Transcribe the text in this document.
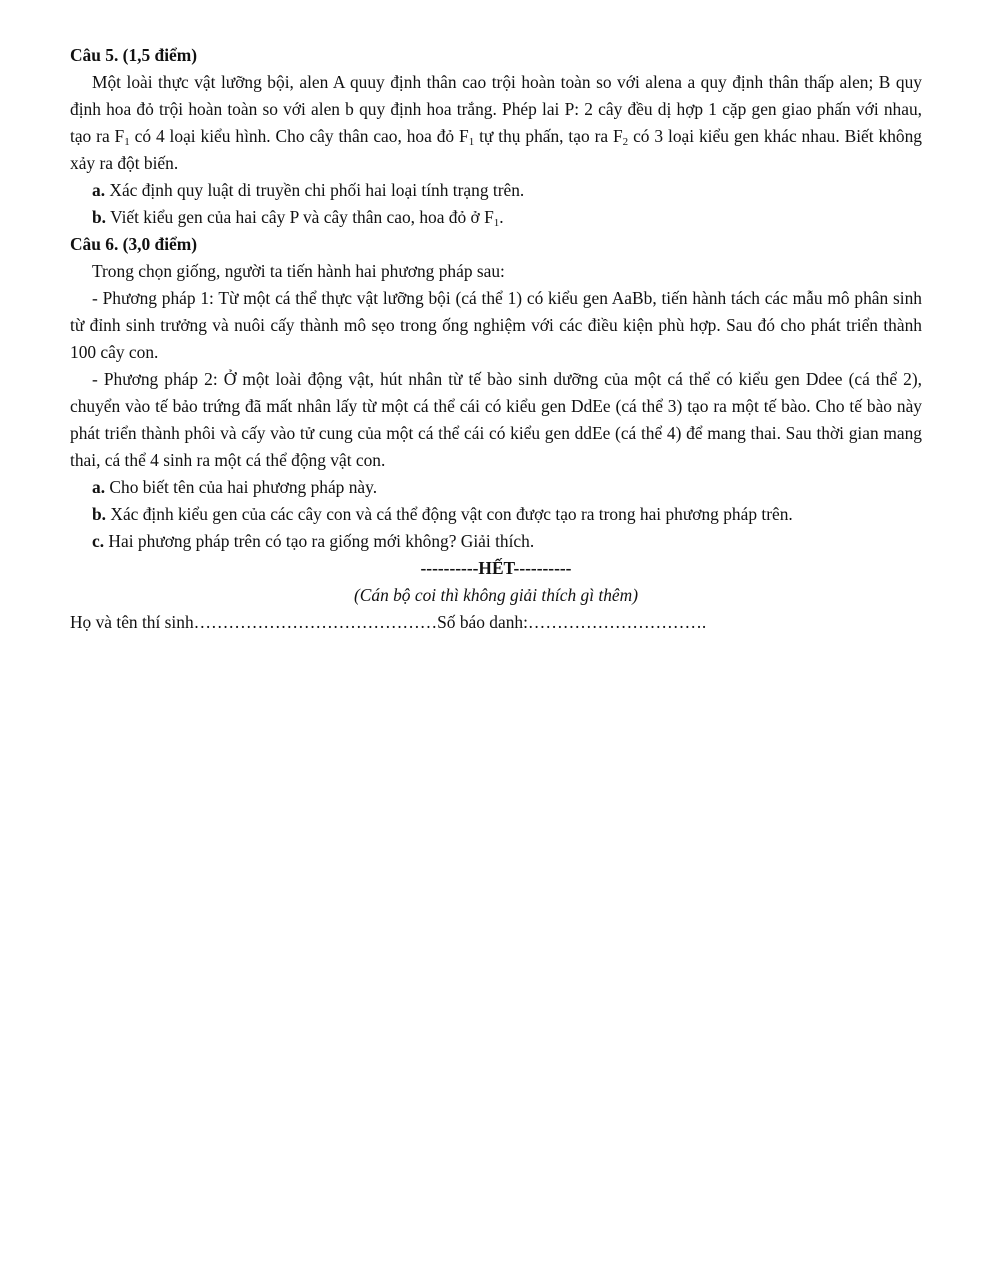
Câu 5. (1,5 điểm)

Một loài thực vật lưỡng bội, alen A quuy định thân cao trội hoàn toàn so với alena a quy định thân thấp alen; B quy định hoa đỏ trội hoàn toàn so với alen b quy định hoa trắng. Phép lai P: 2 cây đều dị hợp 1 cặp gen giao phấn với nhau, tạo ra $F_1$ có 4 loại kiểu hình. Cho cây thân cao, hoa đỏ $F_1$ tự thụ phấn, tạo ra $F_2$ có 3 loại kiểu gen khác nhau. Biết không xảy ra đột biến.

a. Xác định quy luật di truyền chi phối hai loại tính trạng trên.

b. Viết kiểu gen của hai cây P và cây thân cao, hoa đỏ ở $F_1$.

Câu 6. (3,0 điểm)

Trong chọn giống, người ta tiến hành hai phương pháp sau:

- Phương pháp 1: Từ một cá thể thực vật lưỡng bội (cá thể 1) có kiểu gen AaBb, tiến hành tách các mẫu mô phân sinh từ đỉnh sinh trưởng và nuôi cấy thành mô sẹo trong ống nghiệm với các điều kiện phù hợp. Sau đó cho phát triển thành 100 cây con.

- Phương pháp 2: Ở một loài động vật, hút nhân từ tế bào sinh dưỡng của một cá thể có kiểu gen Ddee (cá thể 2), chuyển vào tế bảo trứng đã mất nhân lấy từ một cá thể cái có kiểu gen DdEe (cá thể 3) tạo ra một tế bào. Cho tế bào này phát triển thành phôi và cấy vào tử cung của một cá thể cái có kiểu gen ddEe (cá thể 4) để mang thai. Sau thời gian mang thai, cá thể 4 sinh ra một cá thể động vật con.

a. Cho biết tên của hai phương pháp này.

b. Xác định kiểu gen của các cây con và cá thể động vật con được tạo ra trong hai phương pháp trên.

c. Hai phương pháp trên có tạo ra giống mới không? Giải thích.

----------HẾT----------

(Cán bộ coi thì không giải thích gì thêm)

Họ và tên thí sinh……………………………………Số báo danh:………………………….
